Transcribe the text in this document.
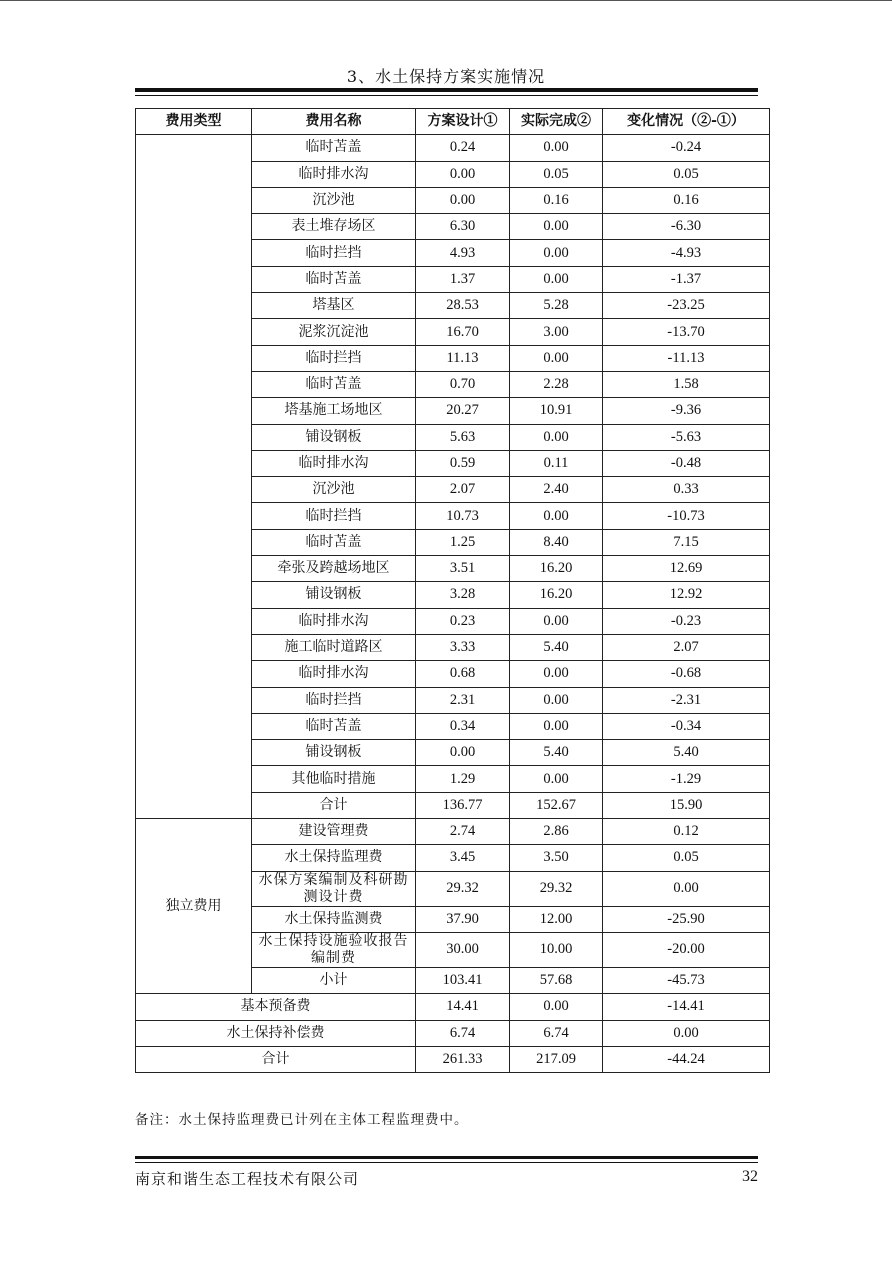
3、水土保持方案实施情况
费用类型	费用名称	方案设计①	实际完成②	变化情况（②-①）
	临时苫盖	0.24	0.00	-0.24
	临时排水沟	0.00	0.05	0.05
	沉沙池	0.00	0.16	0.16
	表土堆存场区	6.30	0.00	-6.30
	临时拦挡	4.93	0.00	-4.93
	临时苫盖	1.37	0.00	-1.37
	塔基区	28.53	5.28	-23.25
	泥浆沉淀池	16.70	3.00	-13.70
	临时拦挡	11.13	0.00	-11.13
	临时苫盖	0.70	2.28	1.58
	塔基施工场地区	20.27	10.91	-9.36
	铺设钢板	5.63	0.00	-5.63
	临时排水沟	0.59	0.11	-0.48
	沉沙池	2.07	2.40	0.33
	临时拦挡	10.73	0.00	-10.73
	临时苫盖	1.25	8.40	7.15
	牵张及跨越场地区	3.51	16.20	12.69
	铺设钢板	3.28	16.20	12.92
	临时排水沟	0.23	0.00	-0.23
	施工临时道路区	3.33	5.40	2.07
	临时排水沟	0.68	0.00	-0.68
	临时拦挡	2.31	0.00	-2.31
	临时苫盖	0.34	0.00	-0.34
	铺设钢板	0.00	5.40	5.40
	其他临时措施	1.29	0.00	-1.29
	合计	136.77	152.67	15.90
独立费用	建设管理费	2.74	2.86	0.12
	水土保持监理费	3.45	3.50	0.05
	水保方案编制及科研勘测设计费	29.32	29.32	0.00
	水土保持监测费	37.90	12.00	-25.90
	水土保持设施验收报告编制费	30.00	10.00	-20.00
	小计	103.41	57.68	-45.73
基本预备费		14.41	0.00	-14.41
水土保持补偿费		6.74	6.74	0.00
合计		261.33	217.09	-44.24
备注：水土保持监理费已计列在主体工程监理费中。
南京和谐生态工程技术有限公司	32
